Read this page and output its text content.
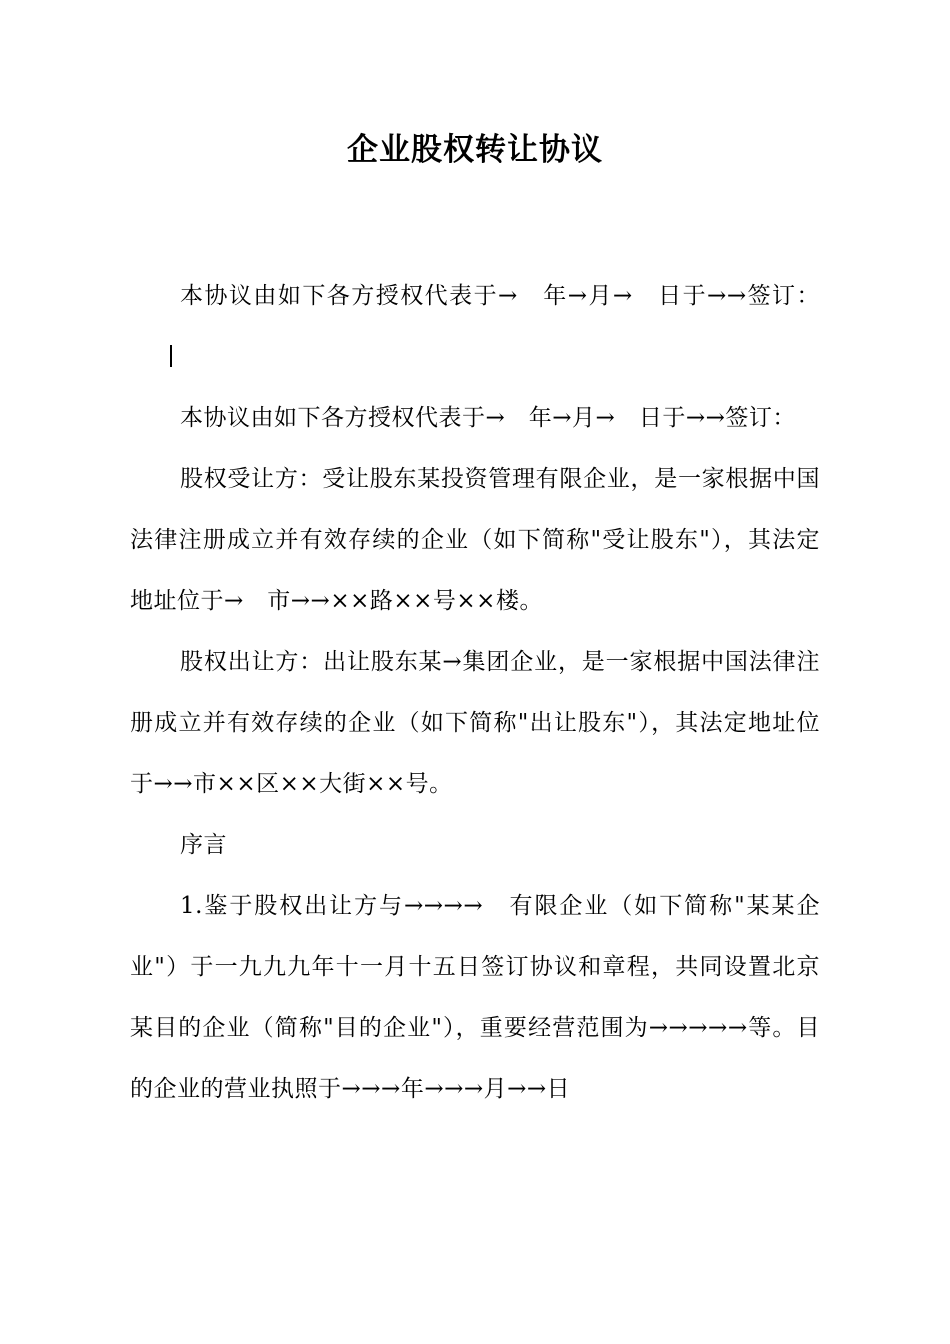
企业股权转让协议

本协议由如下各方授权代表于→　年→月→　日于→→签订：

本协议由如下各方授权代表于→　年→月→　日于→→签订：

股权受让方：受让股东某投资管理有限企业，是一家根据中国法律注册成立并有效存续的企业（如下简称"受让股东"），其法定地址位于→　市→→××路××号××楼。

股权出让方：出让股东某→集团企业，是一家根据中国法律注册成立并有效存续的企业（如下简称"出让股东"），其法定地址位于→→市××区××大街××号。

序言

1.鉴于股权出让方与→→→→　有限企业（如下简称"某某企业"）于一九九九年十一月十五日签订协议和章程，共同设置北京某目的企业（简称"目的企业"），重要经营范围为→→→→→等。目的企业的营业执照于→→→年→→→月→→日
